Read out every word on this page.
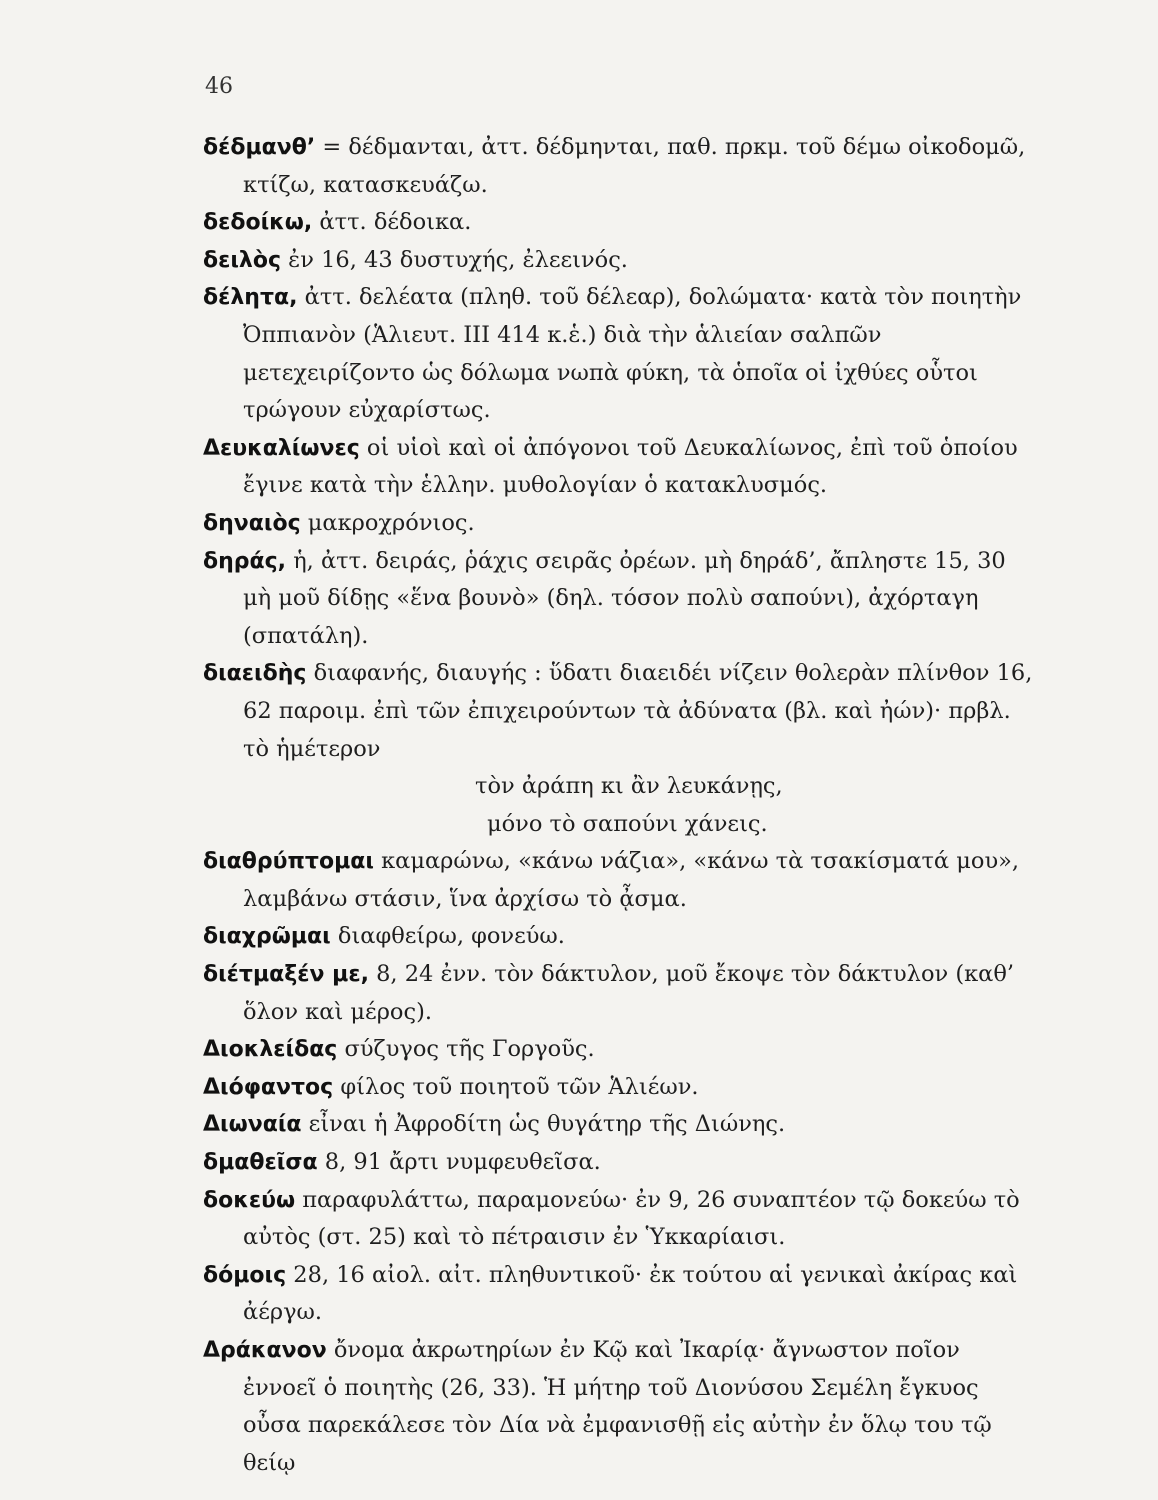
46

δέδμανθ’ = δέδμανται, ἀττ. δέδμηνται, παθ. πρκμ. τοῦ δέμω οἰκοδομῶ, κτίζω, κατασκευάζω.

δεδοίκω, ἀττ. δέδοικα.

δειλὸς ἐν 16, 43 δυστυχής, ἐλεεινός.

δέλητα, ἀττ. δελέατα (πληθ. τοῦ δέλεαρ), δολώματα· κατὰ τὸν ποιητὴν Ὀππιανὸν (Ἁλιευτ. III 414 κ.ἑ.) διὰ τὴν ἁλιείαν σαλπῶν μετεχειρίζοντο ὡς δόλωμα νωπὰ φύκη, τὰ ὁποῖα οἱ ἰχθύες οὗτοι τρώγουν εὐχαρίστως.

Δευκαλίωνες οἱ υἱοὶ καὶ οἱ ἀπόγονοι τοῦ Δευκαλίωνος, ἐπὶ τοῦ ὁποίου ἔγινε κατὰ τὴν ἑλλην. μυθολογίαν ὁ κατακλυσμός.

δηναιὸς μακροχρόνιος.

δηράς, ἡ, ἀττ. δειράς, ῥάχις σειρᾶς ὀρέων. μὴ δηράδ’, ἄπληστε 15, 30 μὴ μοῦ δίδῃς «ἕνα βουνὸ» (δηλ. τόσον πολὺ σαπούνι), ἀχόρταγη (σπατάλη).

διαειδὴς διαφανής, διαυγής : ὕδατι διαειδέι νίζειν θολερὰν πλίνθον 16, 62 παροιμ. ἐπὶ τῶν ἐπιχειρούντων τὰ ἀδύνατα (βλ. καὶ ἠών)· πρβλ. τὸ ἡμέτερον

τὸν ἀράπη κι ἂν λευκάνῃς,
μόνο τὸ σαπούνι χάνεις.

διαθρύπτομαι καμαρώνω, «κάνω νάζια», «κάνω τὰ τσακίσματά μου», λαμβάνω στάσιν, ἵνα ἀρχίσω τὸ ᾆσμα.

διαχρῶμαι διαφθείρω, φονεύω.

διέτμαξέν με, 8, 24 ἐνν. τὸν δάκτυλον, μοῦ ἔκοψε τὸν δάκτυλον (καθ’ ὅλον καὶ μέρος).

Διοκλείδας σύζυγος τῆς Γοργοῦς.

Διόφαντος φίλος τοῦ ποιητοῦ τῶν Ἁλιέων.

Διωναία εἶναι ἡ Ἀφροδίτη ὡς θυγάτηρ τῆς Διώνης.

δμαθεῖσα 8, 91 ἄρτι νυμφευθεῖσα.

δοκεύω παραφυλάττω, παραμονεύω· ἐν 9, 26 συναπτέον τῷ δοκεύω τὸ αὐτὸς (στ. 25) καὶ τὸ πέτραισιν ἐν Ὑκκαρίαισι.

δόμοις 28, 16 αἰολ. αἰτ. πληθυντικοῦ· ἐκ τούτου αἱ γενικαὶ ἀκίρας καὶ ἀέργω.

Δράκανον ὄνομα ἀκρωτηρίων ἐν Κῷ καὶ Ἰκαρίᾳ· ἄγνωστον ποῖον ἐννοεῖ ὁ ποιητὴς (26, 33). Ἡ μήτηρ τοῦ Διονύσου Σεμέλη ἔγκυος οὖσα παρεκάλεσε τὸν Δία νὰ ἐμφανισθῇ εἰς αὐτὴν ἐν ὅλῳ του τῷ θείῳ
